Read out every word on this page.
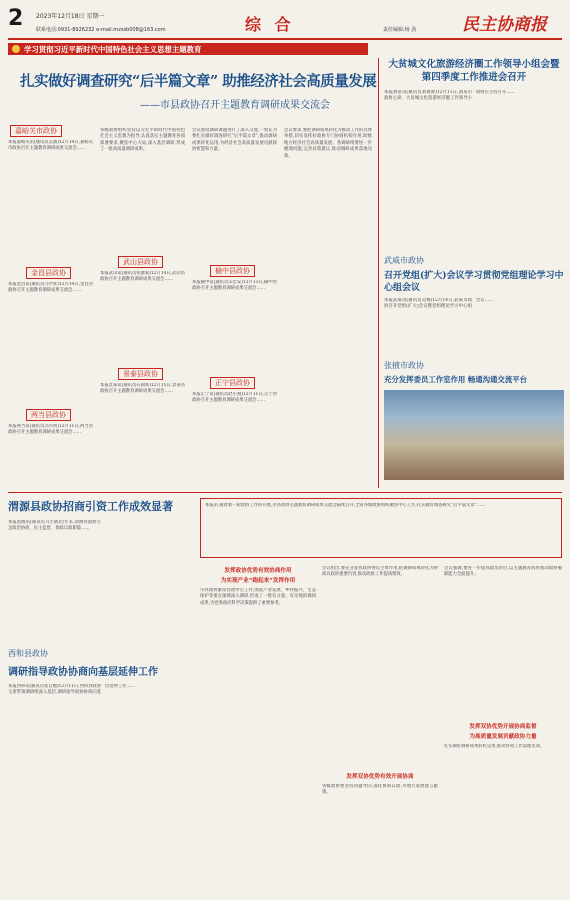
2 2023年12月18日 星期一
联系电话:0931-8926232 e-mail:mzssb008@163.com	综 合	责任编辑:杨 劲	民主协商报
学习贯彻习近平新时代中国特色社会主义思想主题教育
扎实做好调查研究“后半篇文章” 助推经济社会高质量发展
——市县政协召开主题教育调研成果交流会
嘉峪关市政协
本报嘉峪关讯(通讯员吴涌)12月14日,嘉峪关市政协召开主题教育调研成果交流会……
金昌县政协
本报金昌讯(通讯员马学祥)12月14日,金昌县政协召开主题教育调研成果交流会……
两当县政协
本报两当讯(通讯员冯兴明)12月11日,两当县政协召开主题教育调研成果交流会……
各级政协组织坚持以习近平新时代中国特色社会主义思想为指导,认真落实主题教育各项部署要求,聚焦中心大局,深入基层调研,形成了一批高质量调研成果。
武山县政协
本报武山讯(通讯员张健斌)12月14日,武山县政协召开主题教育调研成果交流会……
景泰县政协
本报景泰讯(通讯员石圆辉)12月15日,景泰县政协召开主题教育调研成果交流会……
会议围绕调研课题进行了深入交流,一致认为要扎实做好调查研究“后半篇文章”,推动调研成果转化运用,为经济社会高质量发展贡献政协智慧和力量。
榆中县政协
本报榆中讯(通讯员宋若安)12月13日,榆中县政协召开主题教育调研成果交流会……
正宁县政协
本报正宁讯(通讯员赵小燕)12月11日,正宁县政协召开主题教育调研成果交流会……
会议要求,要把调研成果转化为推动工作的具体举措,切实发挥好政协专门协商机构作用,助推地方经济社会高质量发展。各调研组要进一步梳理问题,完善对策建议,推动调研成果落地见效。
大贫城文化旅游经济圈工作领导小组会暨第四季度工作推进会召开
本报酒泉讯(通讯员刘诚源)12月11日,酒泉市政协主席、大贫城文化旅游经济圈工作领导小组组长主持召开……
武威市政协
召开党组(扩大)会议学习贯彻党组理论学习中心组会议
本报武威讯(通讯员吴梅)12月14日,武威市政协召开党组(扩大)会议暨党组理论学习中心组会议……
张掖市政协
充分发挥委员工作室作用 畅通沟通交流平台
渭源县政协招商引资工作成效显著
本报渭源讯(通讯员马小鸥)近年来,渭源县政协立足政治协商、民主监督、参政议政职能……
本报讯 随着新一轮政协工作的开展,市县政协主题教育调研成果交流会陆续召开,全省各级政协组织聚焦中心工作,扎实做好调查研究“后半篇文章”……
西和县政协
调研指导政协协商向基层延伸工作
本报西和讯(通讯员张自勉)12月11日,西和县政协主席带领调研组深入基层,调研指导政协协商向基层延伸工作……
发挥政协优势有效协商作用
为实现产业“跑起来”发挥作用
市县政协紧扣党政中心工作,围绕产业发展、乡村振兴、生态保护等重点领域深入调研,形成了一批有分量、有见地的调研成果,为党委政府科学决策提供了重要参考。
会议指出,要充分发挥政协委员主体作用,把调研成果转化为协商议政的重要内容,推动政协工作提质增效。
发挥双协优势有效开展协商
各级政协要坚持问题导向,深化协商议政,为地方发展建言献策。
会议强调,要进一步提高政治站位,以主题教育成果推动政协履职能力全面提升。
发挥双协优势开展协商监督
为高质量发展贡献政协力量
扎实做好调研成果转化运用,推动各项工作落地见效。
